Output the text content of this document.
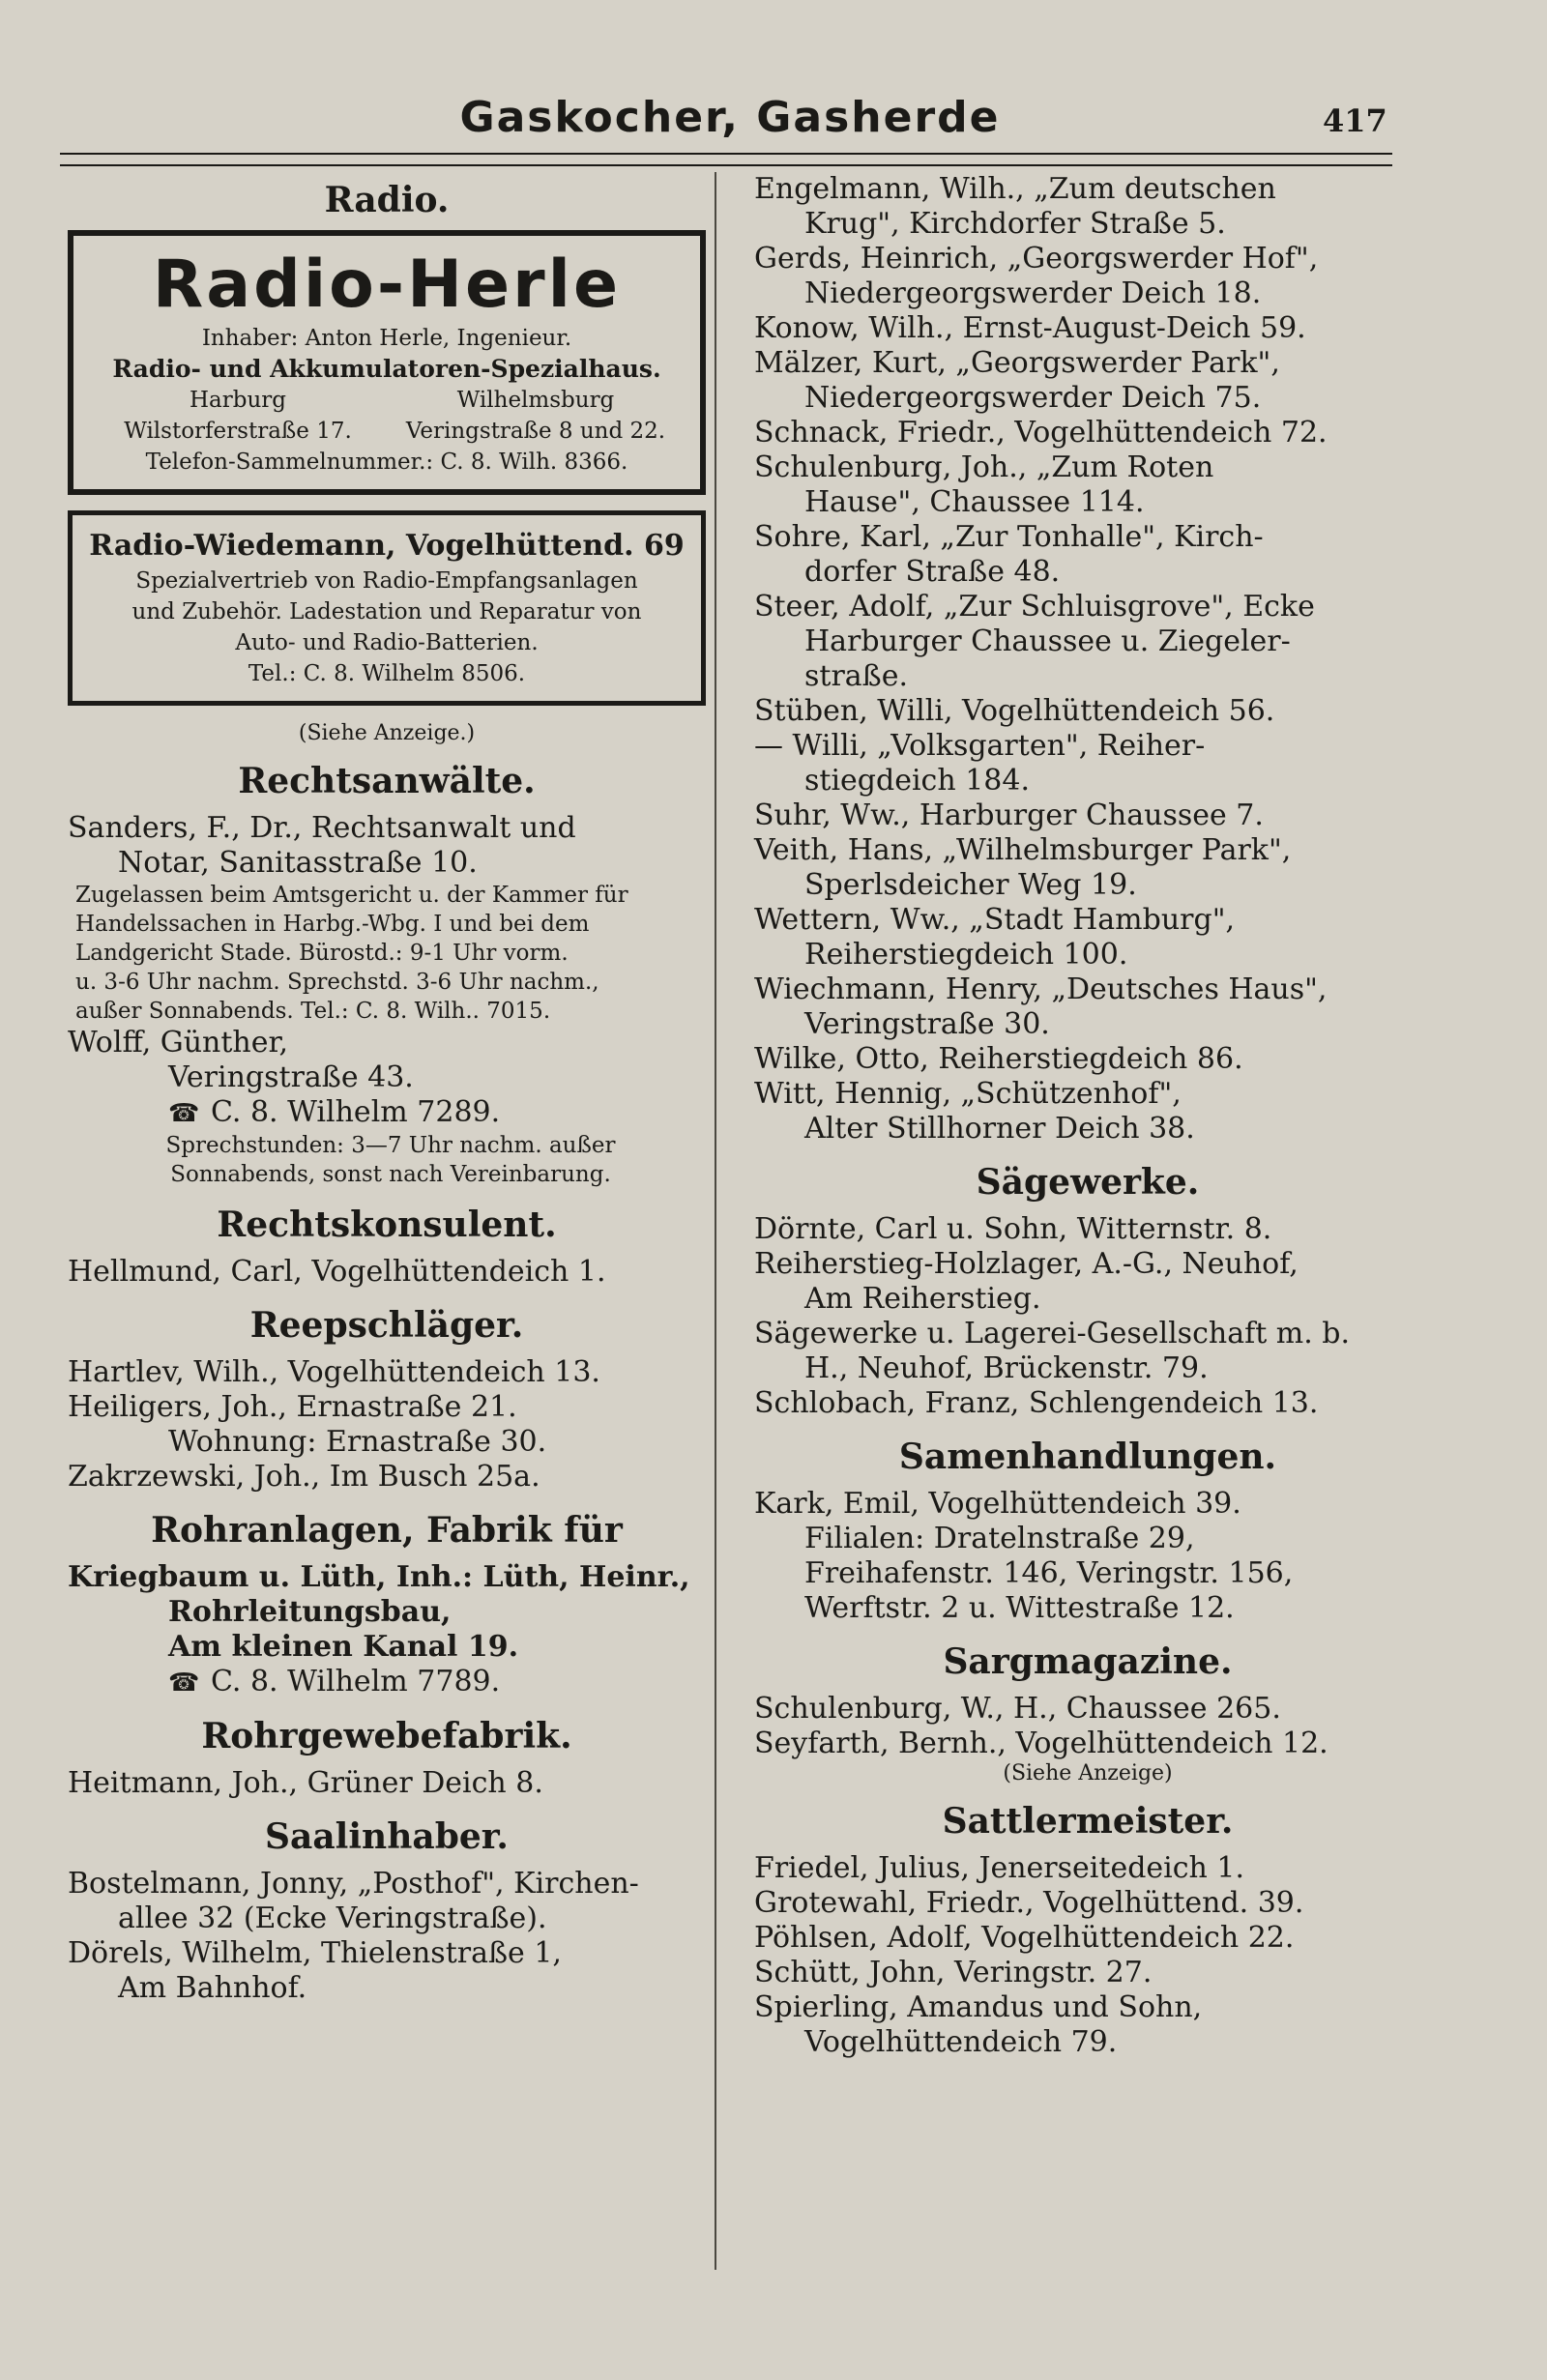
Gaskocher, Gasherde	417
Radio.
Radio-Herle
Inhaber: Anton Herle, Ingenieur.
Radio- und Akkumulatoren-Spezialhaus.
Harburg
Wilstorferstraße 17.
Wilhelmsburg
Veringstraße 8 und 22.
Telefon-Sammelnummer.: C. 8. Wilh. 8366.
Radio-Wiedemann, Vogelhüttend. 69
Spezialvertrieb von Radio-Empfangsanlagen
und Zubehör. Ladestation und Reparatur von
Auto- und Radio-Batterien.
Tel.: C. 8. Wilhelm 8506.
(Siehe Anzeige.)
Rechtsanwälte.
Sanders, F., Dr., Rechtsanwalt und
Notar, Sanitasstraße 10.
Zugelassen beim Amtsgericht u. der Kammer für
Handelssachen in Harbg.-Wbg. I und bei dem
Landgericht Stade. Bürostd.: 9-1 Uhr vorm.
u. 3-6 Uhr nachm. Sprechstd. 3-6 Uhr nachm.,
außer Sonnabends. Tel.: C. 8. Wilh.. 7015.
Wolff, Günther,
Veringstraße 43.
☎ C. 8. Wilhelm 7289.
Sprechstunden: 3—7 Uhr nachm. außer
Sonnabends, sonst nach Vereinbarung.
Rechtskonsulent.
Hellmund, Carl, Vogelhüttendeich 1.
Reepschläger.
Hartlev, Wilh., Vogelhüttendeich 13.
Heiligers, Joh., Ernastraße 21.
Wohnung: Ernastraße 30.
Zakrzewski, Joh., Im Busch 25a.
Rohranlagen, Fabrik für
Kriegbaum u. Lüth, Inh.: Lüth, Heinr.,
Rohrleitungsbau,
Am kleinen Kanal 19.
☎ C. 8. Wilhelm 7789.
Rohrgewebefabrik.
Heitmann, Joh., Grüner Deich 8.
Saalinhaber.
Bostelmann, Jonny, „Posthof", Kirchen-
allee 32 (Ecke Veringstraße).
Dörels, Wilhelm, Thielenstraße 1,
Am Bahnhof.
Engelmann, Wilh., „Zum deutschen
Krug", Kirchdorfer Straße 5.
Gerds, Heinrich, „Georgswerder Hof",
Niedergeorgswerder Deich 18.
Konow, Wilh., Ernst-August-Deich 59.
Mälzer, Kurt, „Georgswerder Park",
Niedergeorgswerder Deich 75.
Schnack, Friedr., Vogelhüttendeich 72.
Schulenburg, Joh., „Zum Roten
Hause", Chaussee 114.
Sohre, Karl, „Zur Tonhalle", Kirch-
dorfer Straße 48.
Steer, Adolf, „Zur Schluisgrove", Ecke
Harburger Chaussee u. Ziegeler-
straße.
Stüben, Willi, Vogelhüttendeich 56.
— Willi, „Volksgarten", Reiher-
stiegdeich 184.
Suhr, Ww., Harburger Chaussee 7.
Veith, Hans, „Wilhelmsburger Park",
Sperlsdeicher Weg 19.
Wettern, Ww., „Stadt Hamburg",
Reiherstiegdeich 100.
Wiechmann, Henry, „Deutsches Haus",
Veringstraße 30.
Wilke, Otto, Reiherstiegdeich 86.
Witt, Hennig, „Schützenhof",
Alter Stillhorner Deich 38.
Sägewerke.
Dörnte, Carl u. Sohn, Witternstr. 8.
Reiherstieg-Holzlager, A.-G., Neuhof,
Am Reiherstieg.
Sägewerke u. Lagerei-Gesellschaft m. b.
H., Neuhof, Brückenstr. 79.
Schlobach, Franz, Schlengendeich 13.
Samenhandlungen.
Kark, Emil, Vogelhüttendeich 39.
Filialen: Dratelnstraße 29,
Freihafenstr. 146, Veringstr. 156,
Werftstr. 2 u. Wittestraße 12.
Sargmagazine.
Schulenburg, W., H., Chaussee 265.
Seyfarth, Bernh., Vogelhüttendeich 12.
(Siehe Anzeige)
Sattlermeister.
Friedel, Julius, Jenerseitedeich 1.
Grotewahl, Friedr., Vogelhüttend. 39.
Pöhlsen, Adolf, Vogelhüttendeich 22.
Schütt, John, Veringstr. 27.
Spierling, Amandus und Sohn,
Vogelhüttendeich 79.
